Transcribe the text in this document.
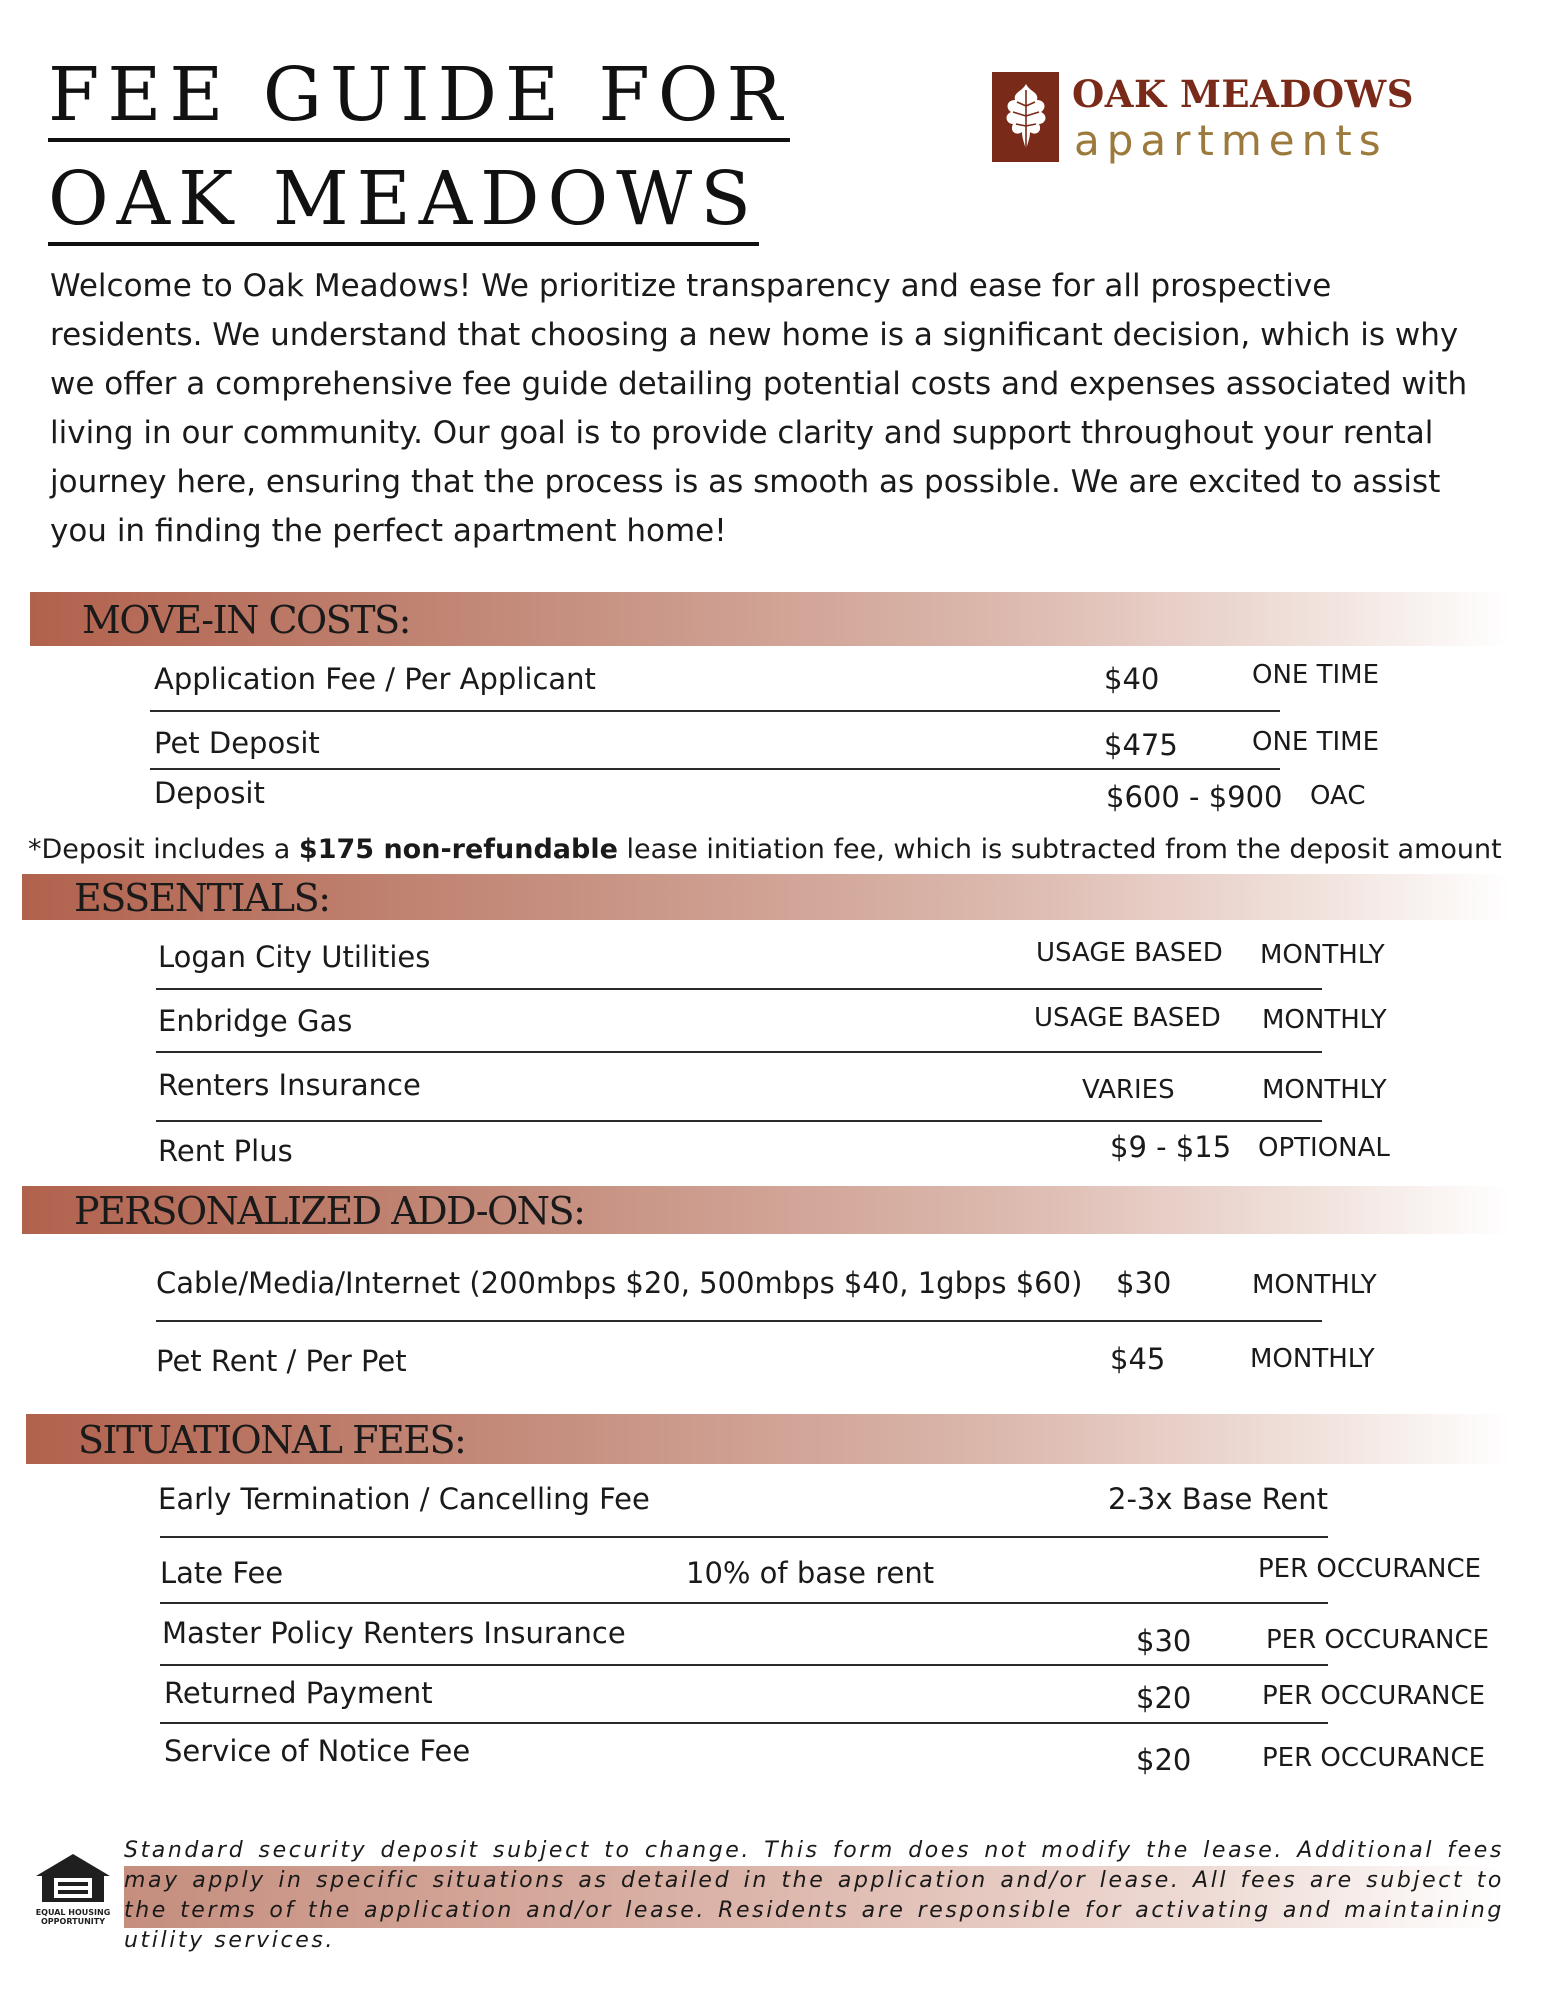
FEE GUIDE FOR
OAK MEADOWS
OAK MEADOWS
apartments
Welcome to Oak Meadows! We prioritize transparency and ease for all prospective residents. We understand that choosing a new home is a significant decision, which is why we offer a comprehensive fee guide detailing potential costs and expenses associated with living in our community. Our goal is to provide clarity and support throughout your rental journey here, ensuring that the process is as smooth as possible. We are excited to assist you in finding the perfect apartment home!
MOVE-IN COSTS:
Application Fee / Per Applicant	$40	ONE TIME
Pet Deposit	$475	ONE TIME
Deposit	$600 - $900 OAC
*Deposit includes a $175 non-refundable lease initiation fee, which is subtracted from the deposit amount
ESSENTIALS:
Logan City Utilities	USAGE BASED MONTHLY
Enbridge Gas	USAGE BASED MONTHLY
Renters Insurance	VARIES	MONTHLY
Rent Plus	$9 - $15 OPTIONAL
PERSONALIZED ADD-ONS:
Cable/Media/Internet (200mbps $20, 500mbps $40, 1gbps $60) $30	MONTHLY
Pet Rent / Per Pet	$45	MONTHLY
SITUATIONAL FEES:
Early Termination / Cancelling Fee	2-3x Base Rent
Late Fee	10% of base rent	PER OCCURANCE
Master Policy Renters Insurance	$30	PER OCCURANCE
Returned Payment	$20	PER OCCURANCE
Service of Notice Fee	$20	PER OCCURANCE
EQUAL HOUSING
OPPORTUNITY
Standard security deposit subject to change. This form does not modify the lease. Additional fees may apply in specific situations as detailed in the application and/or lease. All fees are subject to the terms of the application and/or lease. Residents are responsible for activating and maintaining utility services.
